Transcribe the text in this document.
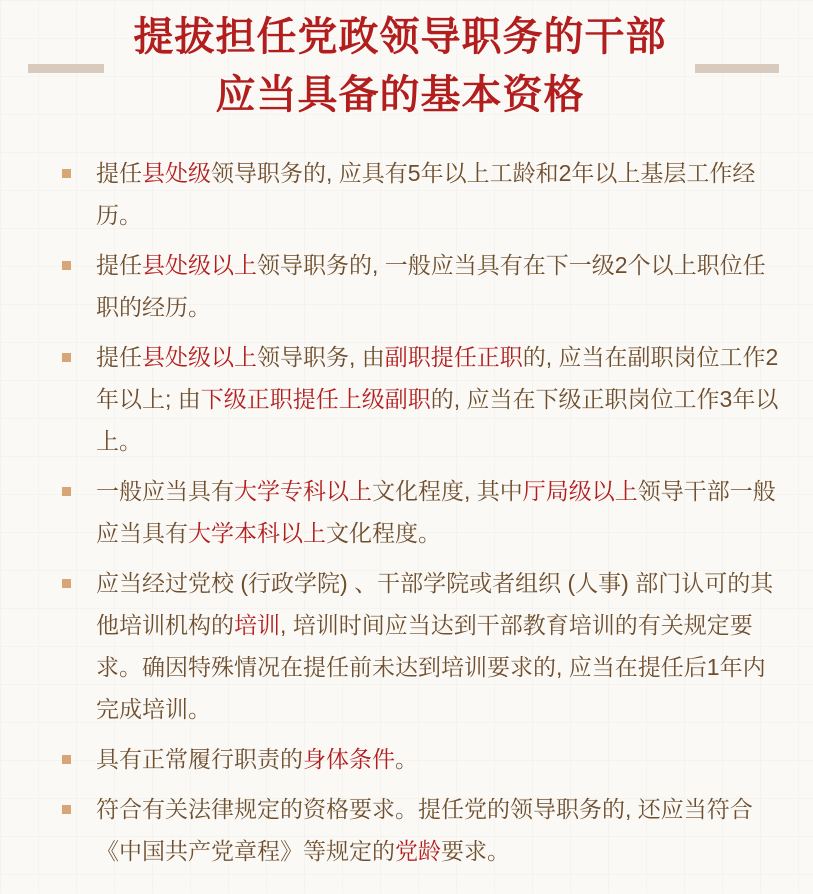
提拔担任党政领导职务的干部
应当具备的基本资格
提任县处级领导职务的, 应具有5年以上工龄和2年以上基层工作经历。
提任县处级以上领导职务的, 一般应当具有在下一级2个以上职位任职的经历。
提任县处级以上领导职务, 由副职提任正职的, 应当在副职岗位工作2年以上; 由下级正职提任上级副职的, 应当在下级正职岗位工作3年以上。
一般应当具有大学专科以上文化程度, 其中厅局级以上领导干部一般应当具有大学本科以上文化程度。
应当经过党校 (行政学院) 、干部学院或者组织 (人事) 部门认可的其他培训机构的培训, 培训时间应当达到干部教育培训的有关规定要求。确因特殊情况在提任前未达到培训要求的, 应当在提任后1年内完成培训。
具有正常履行职责的身体条件。
符合有关法律规定的资格要求。提任党的领导职务的, 还应当符合《中国共产党章程》等规定的党龄要求。
